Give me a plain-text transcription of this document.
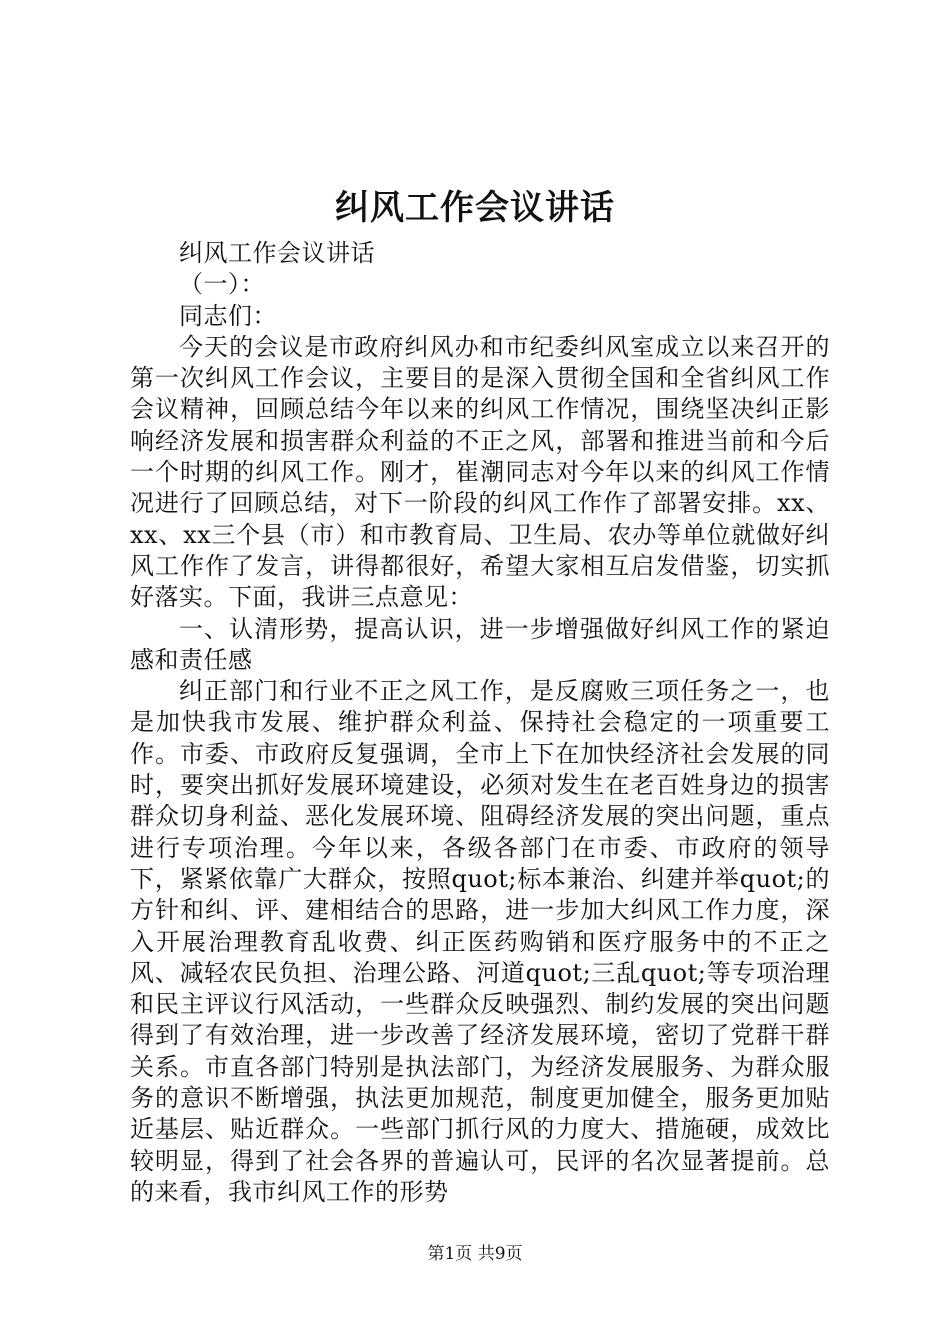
纠风工作会议讲话

纠风工作会议讲话

（一）：

同志们：

今天的会议是市政府纠风办和市纪委纠风室成立以来召开的第一次纠风工作会议，主要目的是深入贯彻全国和全省纠风工作会议精神，回顾总结今年以来的纠风工作情况，围绕坚决纠正影响经济发展和损害群众利益的不正之风，部署和推进当前和今后一个时期的纠风工作。刚才，崔潮同志对今年以来的纠风工作情况进行了回顾总结，对下一阶段的纠风工作作了部署安排。xx、xx、xx三个县（市）和市教育局、卫生局、农办等单位就做好纠风工作作了发言，讲得都很好，希望大家相互启发借鉴，切实抓好落实。下面，我讲三点意见：

一、认清形势，提高认识，进一步增强做好纠风工作的紧迫感和责任感

纠正部门和行业不正之风工作，是反腐败三项任务之一，也是加快我市发展、维护群众利益、保持社会稳定的一项重要工作。市委、市政府反复强调，全市上下在加快经济社会发展的同时，要突出抓好发展环境建设，必须对发生在老百姓身边的损害群众切身利益、恶化发展环境、阻碍经济发展的突出问题，重点进行专项治理。今年以来，各级各部门在市委、市政府的领导下，紧紧依靠广大群众，按照quot;标本兼治、纠建并举quot;的方针和纠、评、建相结合的思路，进一步加大纠风工作力度，深入开展治理教育乱收费、纠正医药购销和医疗服务中的不正之风、减轻农民负担、治理公路、河道quot;三乱quot;等专项治理和民主评议行风活动，一些群众反映强烈、制约发展的突出问题得到了有效治理，进一步改善了经济发展环境，密切了党群干群关系。市直各部门特别是执法部门，为经济发展服务、为群众服务的意识不断增强，执法更加规范，制度更加健全，服务更加贴近基层、贴近群众。一些部门抓行风的力度大、措施硬，成效比较明显，得到了社会各界的普遍认可，民评的名次显著提前。总的来看，我市纠风工作的形势

第1页 共9页
